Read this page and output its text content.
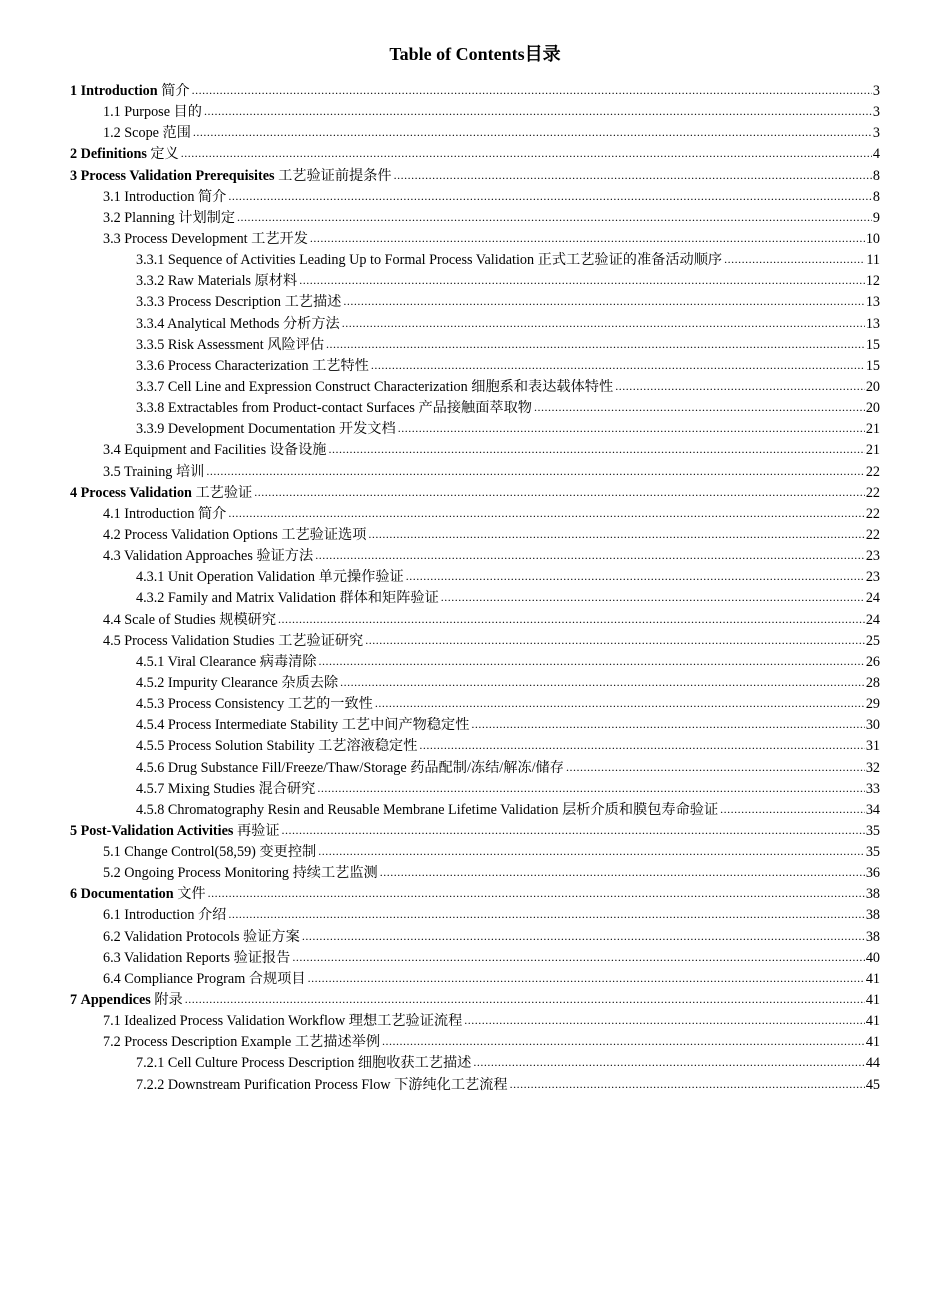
Table of Contents目录
1 Introduction 简介 .....	3
1.1 Purpose 目的 .....	3
1.2 Scope 范围 .....	3
2 Definitions 定义 .....	4
3 Process Validation Prerequisites 工艺验证前提条件 .....	8
3.1 Introduction 简介 .....	8
3.2 Planning 计划制定 .....	9
3.3 Process Development 工艺开发 .....	10
3.3.1 Sequence of Activities Leading Up to Formal Process Validation 正式工艺验证的准备活动顺序 .....	11
3.3.2 Raw Materials 原材料 .....	12
3.3.3 Process Description 工艺描述 .....	13
3.3.4 Analytical Methods 分析方法 .....	13
3.3.5 Risk Assessment 风险评估 .....	15
3.3.6 Process Characterization 工艺特性 .....	15
3.3.7 Cell Line and Expression Construct Characterization 细胞系和表达载体特性 .....	20
3.3.8 Extractables from Product-contact Surfaces 产品接触面萃取物 .....	20
3.3.9 Development Documentation 开发文档 .....	21
3.4 Equipment and Facilities 设备设施 .....	21
3.5 Training 培训 .....	22
4 Process Validation 工艺验证 .....	22
4.1 Introduction 简介 .....	22
4.2 Process Validation Options 工艺验证选项 .....	22
4.3 Validation Approaches 验证方法 .....	23
4.3.1 Unit Operation Validation 单元操作验证 .....	23
4.3.2 Family and Matrix Validation 群体和矩阵验证 .....	24
4.4 Scale of Studies 规模研究 .....	24
4.5 Process Validation Studies 工艺验证研究 .....	25
4.5.1 Viral Clearance 病毒清除 .....	26
4.5.2 Impurity Clearance 杂质去除 .....	28
4.5.3 Process Consistency 工艺的一致性 .....	29
4.5.4 Process Intermediate Stability 工艺中间产物稳定性 .....	30
4.5.5 Process Solution Stability 工艺溶液稳定性 .....	31
4.5.6 Drug Substance Fill/Freeze/Thaw/Storage 药品配制/冻结/解冻/储存 .....	32
4.5.7 Mixing Studies 混合研究 .....	33
4.5.8 Chromatography Resin and Reusable Membrane Lifetime Validation 层析介质和膜包寿命验证 .....	34
5 Post-Validation Activities 再验证 .....	35
5.1 Change Control(58,59) 变更控制 .....	35
5.2 Ongoing Process Monitoring 持续工艺监测 .....	36
6 Documentation 文件 .....	38
6.1 Introduction 介绍 .....	38
6.2 Validation Protocols 验证方案 .....	38
6.3 Validation Reports 验证报告 .....	40
6.4 Compliance Program 合规项目 .....	41
7 Appendices 附录 .....	41
7.1 Idealized Process Validation Workflow 理想工艺验证流程 .....	41
7.2 Process Description Example 工艺描述举例 .....	41
7.2.1 Cell Culture Process Description 细胞收获工艺描述 .....	44
7.2.2 Downstream Purification Process Flow 下游纯化工艺流程 .....	45
